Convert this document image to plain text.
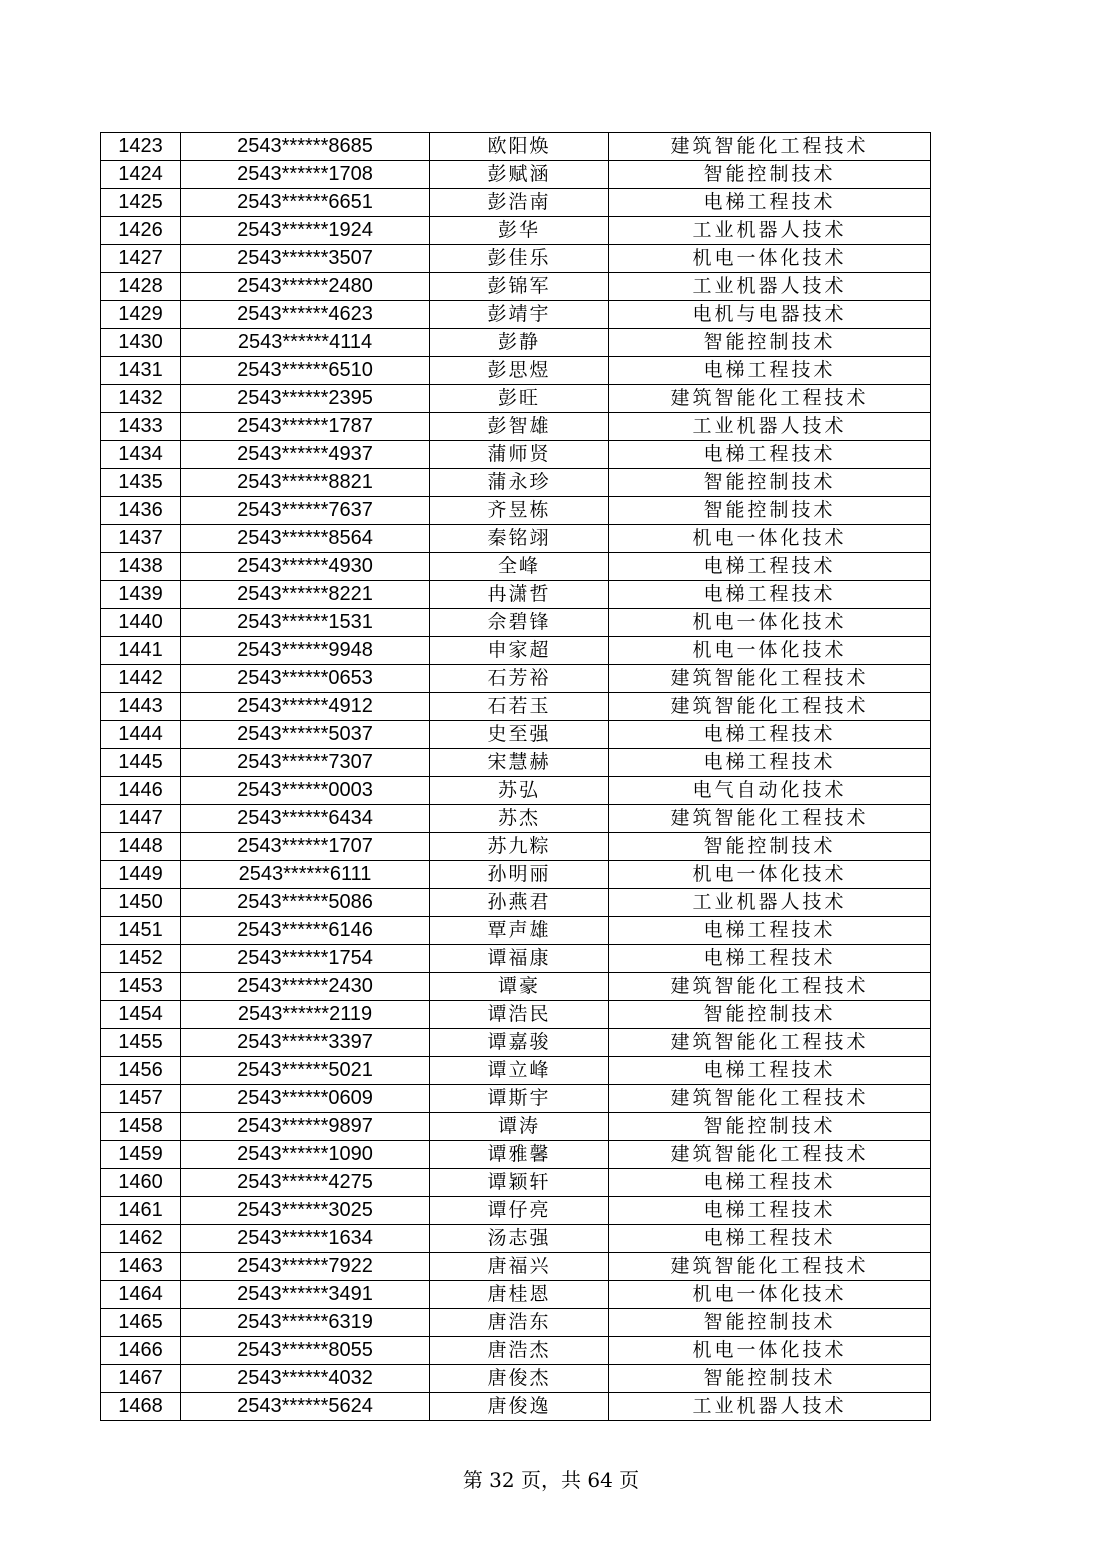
1423	2543******8685	欧阳焕	建筑智能化工程技术
1424	2543******1708	彭赋涵	智能控制技术
1425	2543******6651	彭浩南	电梯工程技术
1426	2543******1924	彭华	工业机器人技术
1427	2543******3507	彭佳乐	机电一体化技术
1428	2543******2480	彭锦军	工业机器人技术
1429	2543******4623	彭靖宇	电机与电器技术
1430	2543******4114	彭静	智能控制技术
1431	2543******6510	彭思煜	电梯工程技术
1432	2543******2395	彭旺	建筑智能化工程技术
1433	2543******1787	彭智雄	工业机器人技术
1434	2543******4937	蒲师贤	电梯工程技术
1435	2543******8821	蒲永珍	智能控制技术
1436	2543******7637	齐昱栋	智能控制技术
1437	2543******8564	秦铭翊	机电一体化技术
1438	2543******4930	全峰	电梯工程技术
1439	2543******8221	冉潇哲	电梯工程技术
1440	2543******1531	佘碧锋	机电一体化技术
1441	2543******9948	申家超	机电一体化技术
1442	2543******0653	石芳裕	建筑智能化工程技术
1443	2543******4912	石若玉	建筑智能化工程技术
1444	2543******5037	史至强	电梯工程技术
1445	2543******7307	宋慧赫	电梯工程技术
1446	2543******0003	苏弘	电气自动化技术
1447	2543******6434	苏杰	建筑智能化工程技术
1448	2543******1707	苏九粽	智能控制技术
1449	2543******6111	孙明丽	机电一体化技术
1450	2543******5086	孙燕君	工业机器人技术
1451	2543******6146	覃声雄	电梯工程技术
1452	2543******1754	谭福康	电梯工程技术
1453	2543******2430	谭豪	建筑智能化工程技术
1454	2543******2119	谭浩民	智能控制技术
1455	2543******3397	谭嘉骏	建筑智能化工程技术
1456	2543******5021	谭立峰	电梯工程技术
1457	2543******0609	谭斯宇	建筑智能化工程技术
1458	2543******9897	谭涛	智能控制技术
1459	2543******1090	谭雅馨	建筑智能化工程技术
1460	2543******4275	谭颖轩	电梯工程技术
1461	2543******3025	谭仔亮	电梯工程技术
1462	2543******1634	汤志强	电梯工程技术
1463	2543******7922	唐福兴	建筑智能化工程技术
1464	2543******3491	唐桂恩	机电一体化技术
1465	2543******6319	唐浩东	智能控制技术
1466	2543******8055	唐浩杰	机电一体化技术
1467	2543******4032	唐俊杰	智能控制技术
1468	2543******5624	唐俊逸	工业机器人技术
第 32 页，共 64 页
